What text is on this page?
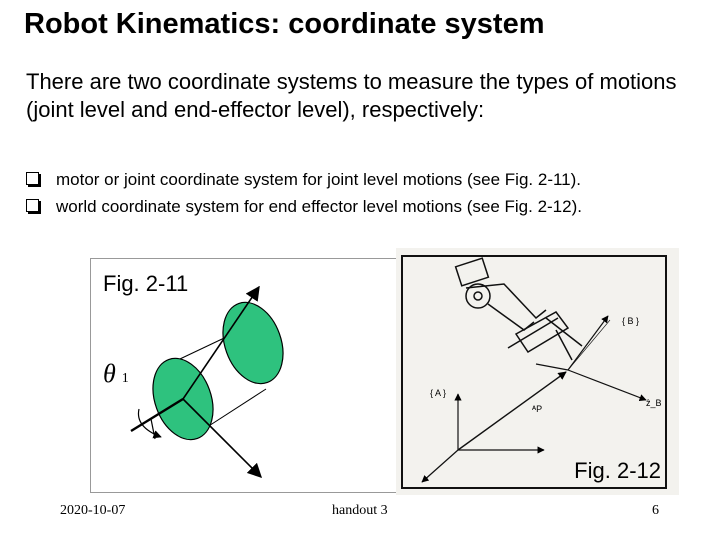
Robot Kinematics: coordinate system
There are two coordinate systems to measure the types of motions (joint level and end-effector level), respectively:
motor or joint coordinate system for joint level motions (see Fig. 2-11).
world coordinate system for end effector level motions (see Fig. 2-12).
Fig. 2-11
θ 1
{ B }
{ A }
ᴬP
ẑ_B
Fig. 2-12
2020-10-07	handout 3	6
